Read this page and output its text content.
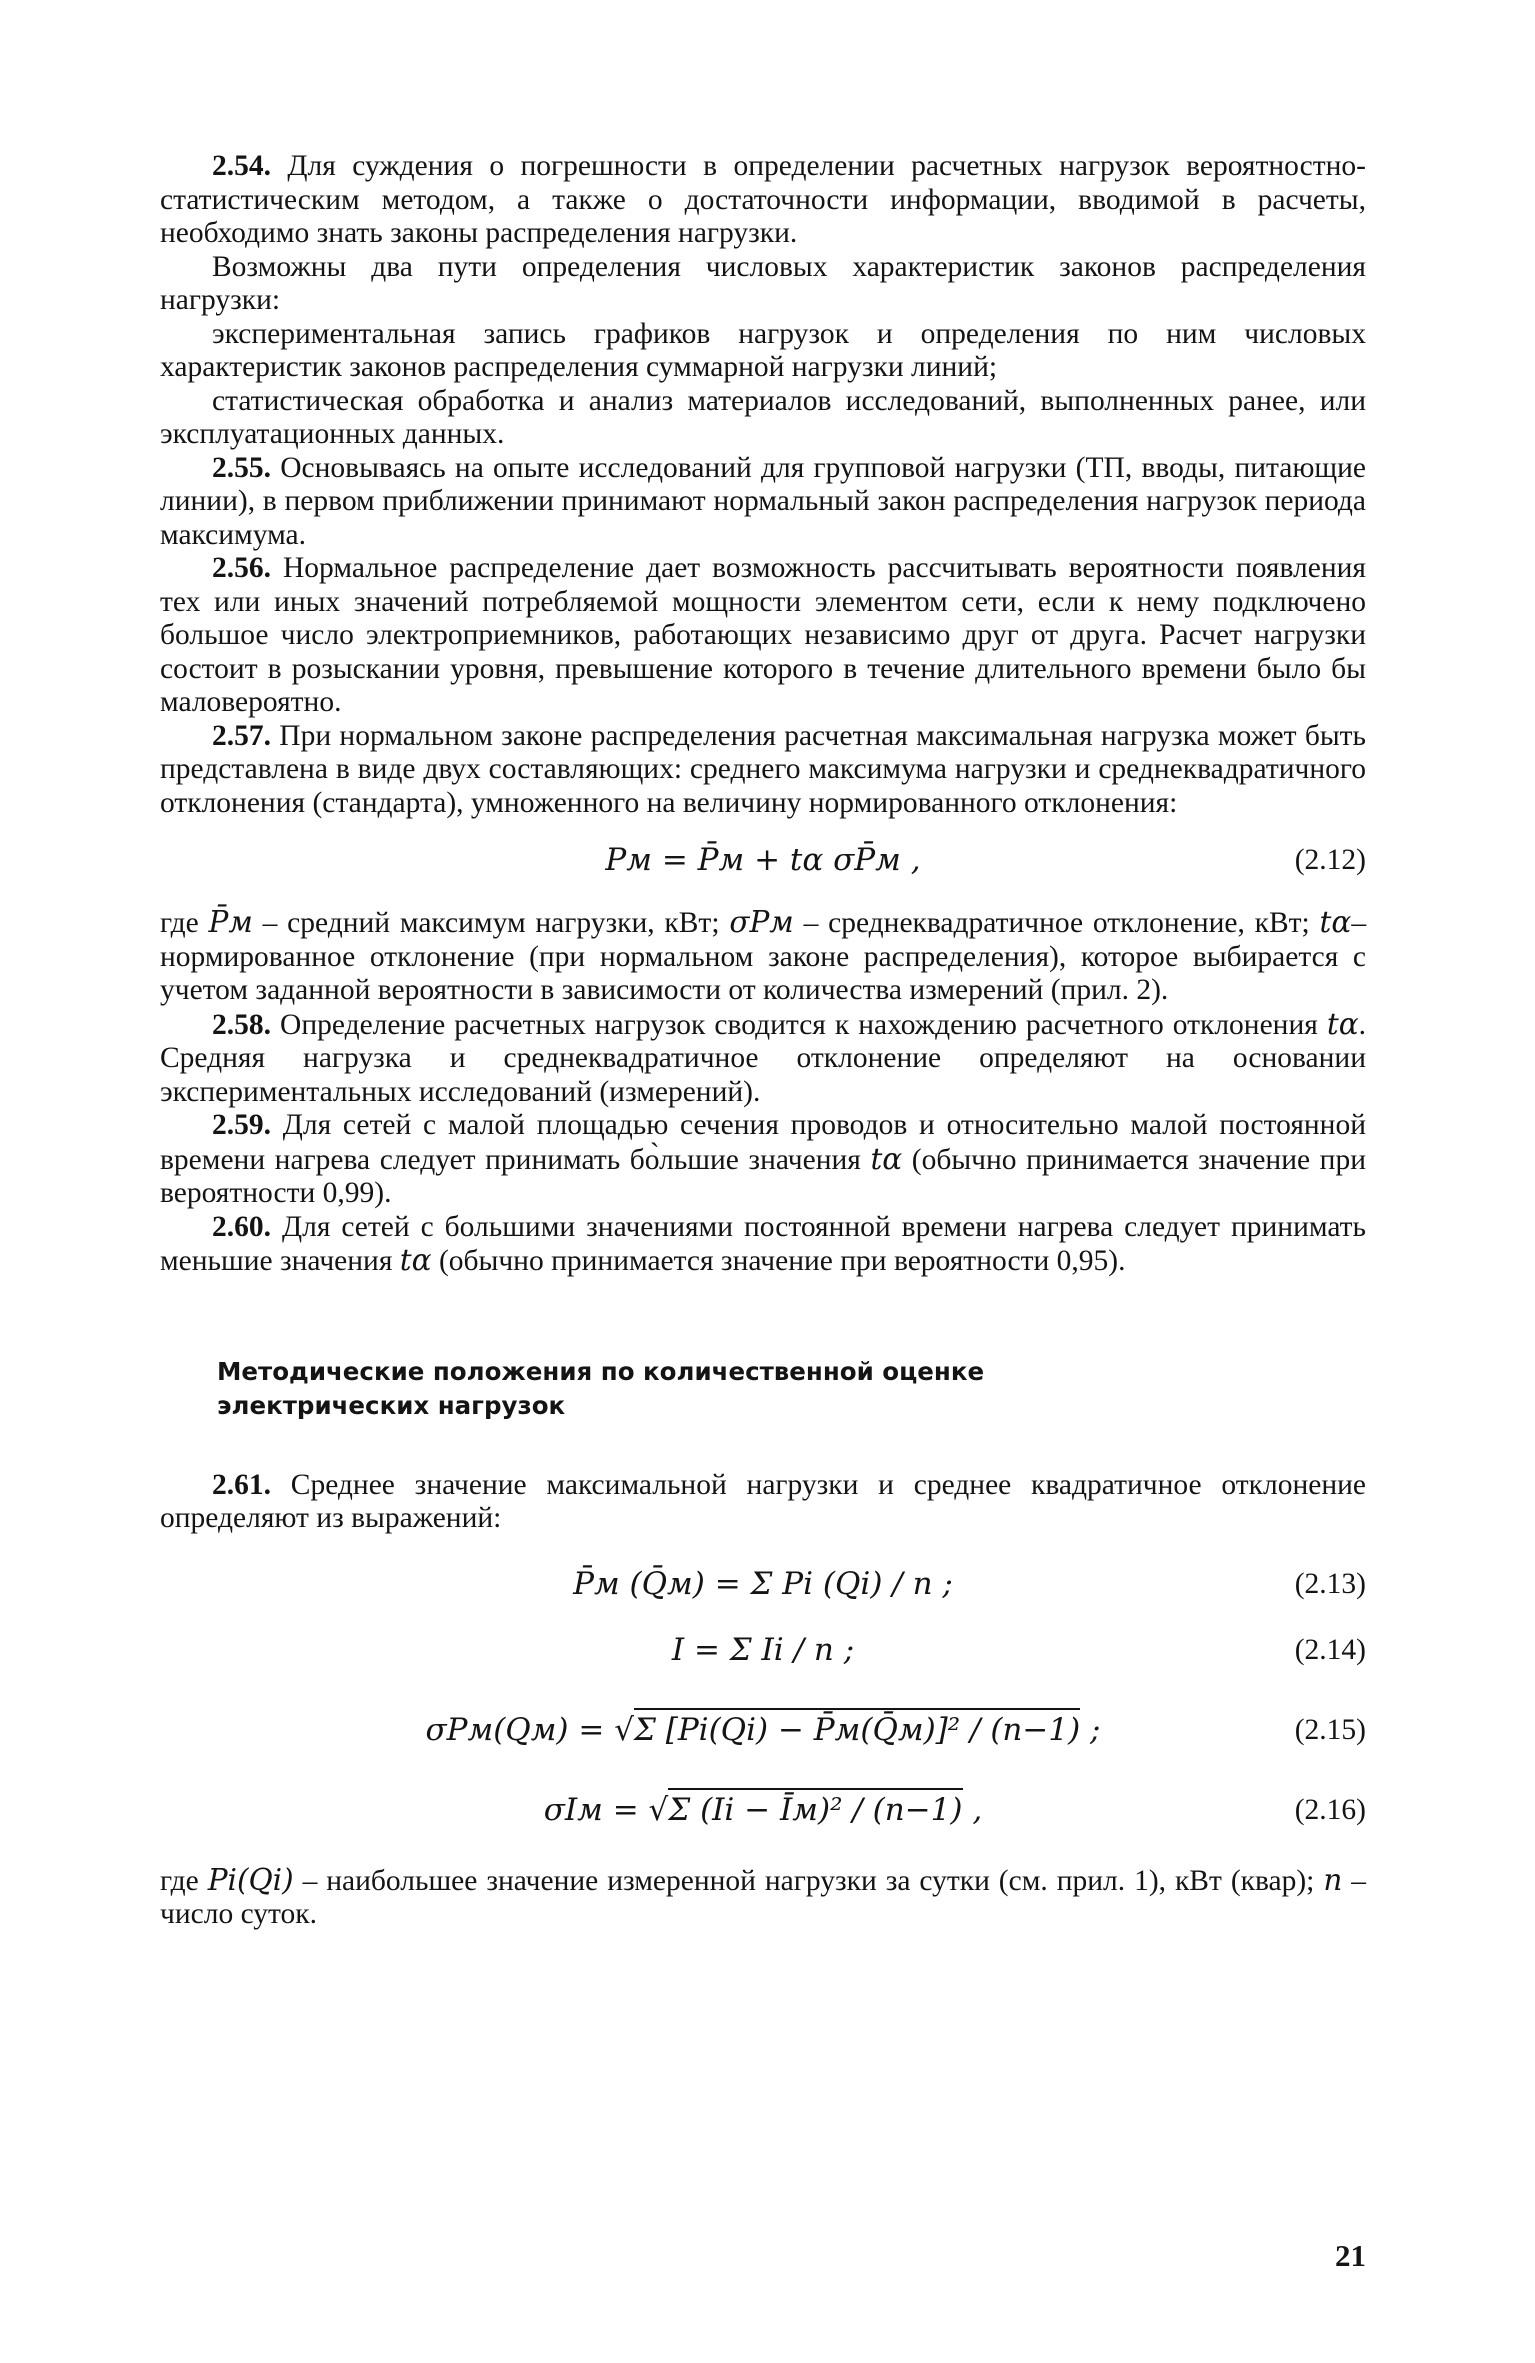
2.54. Для суждения о погрешности в определении расчетных нагрузок вероятностно-статистическим методом, а также о достаточности информации, вводимой в расчеты, необходимо знать законы распределения нагрузки.

Возможны два пути определения числовых характеристик законов распределения нагрузки:

экспериментальная запись графиков нагрузок и определения по ним числовых характеристик законов распределения суммарной нагрузки линий;

статистическая обработка и анализ материалов исследований, выполненных ранее, или эксплуатационных данных.

2.55. Основываясь на опыте исследований для групповой нагрузки (ТП, вводы, питающие линии), в первом приближении принимают нормальный закон распределения нагрузок периода максимума.

2.56. Нормальное распределение дает возможность рассчитывать вероятности появления тех или иных значений потребляемой мощности элементом сети, если к нему подключено большое число электроприемников, работающих независимо друг от друга. Расчет нагрузки состоит в розыскании уровня, превышение которого в течение длительного времени было бы маловероятно.

2.57. При нормальном законе распределения расчетная максимальная нагрузка может быть представлена в виде двух составляющих: среднего максимума нагрузки и среднеквадратичного отклонения (стандарта), умноженного на величину нормированного отклонения:

Pм = P̄м + tα σP̄м ,	(2.12)

где P̄м – средний максимум нагрузки, кВт; σPм – среднеквадратичное отклонение, кВт; tα– нормированное отклонение (при нормальном законе распределения), которое выбирается с учетом заданной вероятности в зависимости от количества измерений (прил. 2).

2.58. Определение расчетных нагрузок сводится к нахождению расчетного отклонения tα. Средняя нагрузка и среднеквадратичное отклонение определяют на основании экспериментальных исследований (измерений).

2.59. Для сетей с малой площадью сечения проводов и относительно малой постоянной времени нагрева следует принимать бо̀льшие значения tα (обычно принимается значение при вероятности 0,99).

2.60. Для сетей с большими значениями постоянной времени нагрева следует принимать меньшие значения tα (обычно принимается значение при вероятности 0,95).

Методические положения по количественной оценке
электрических нагрузок

2.61. Среднее значение максимальной нагрузки и среднее квадратичное отклонение определяют из выражений:

P̄м (Q̄м) = Σ Pi (Qi) / n ;	(2.13)
I = Σ Ii / n ;	(2.14)
σPм(Qм) = √Σ [Pi(Qi) − P̄м(Q̄м)]² / (n−1) ;	(2.15)
σIм = √Σ (Ii − Īм)² / (n−1) ,	(2.16)

где Pi(Qi) – наибольшее значение измеренной нагрузки за сутки (см. прил. 1), кВт (квар); n – число суток.

21
